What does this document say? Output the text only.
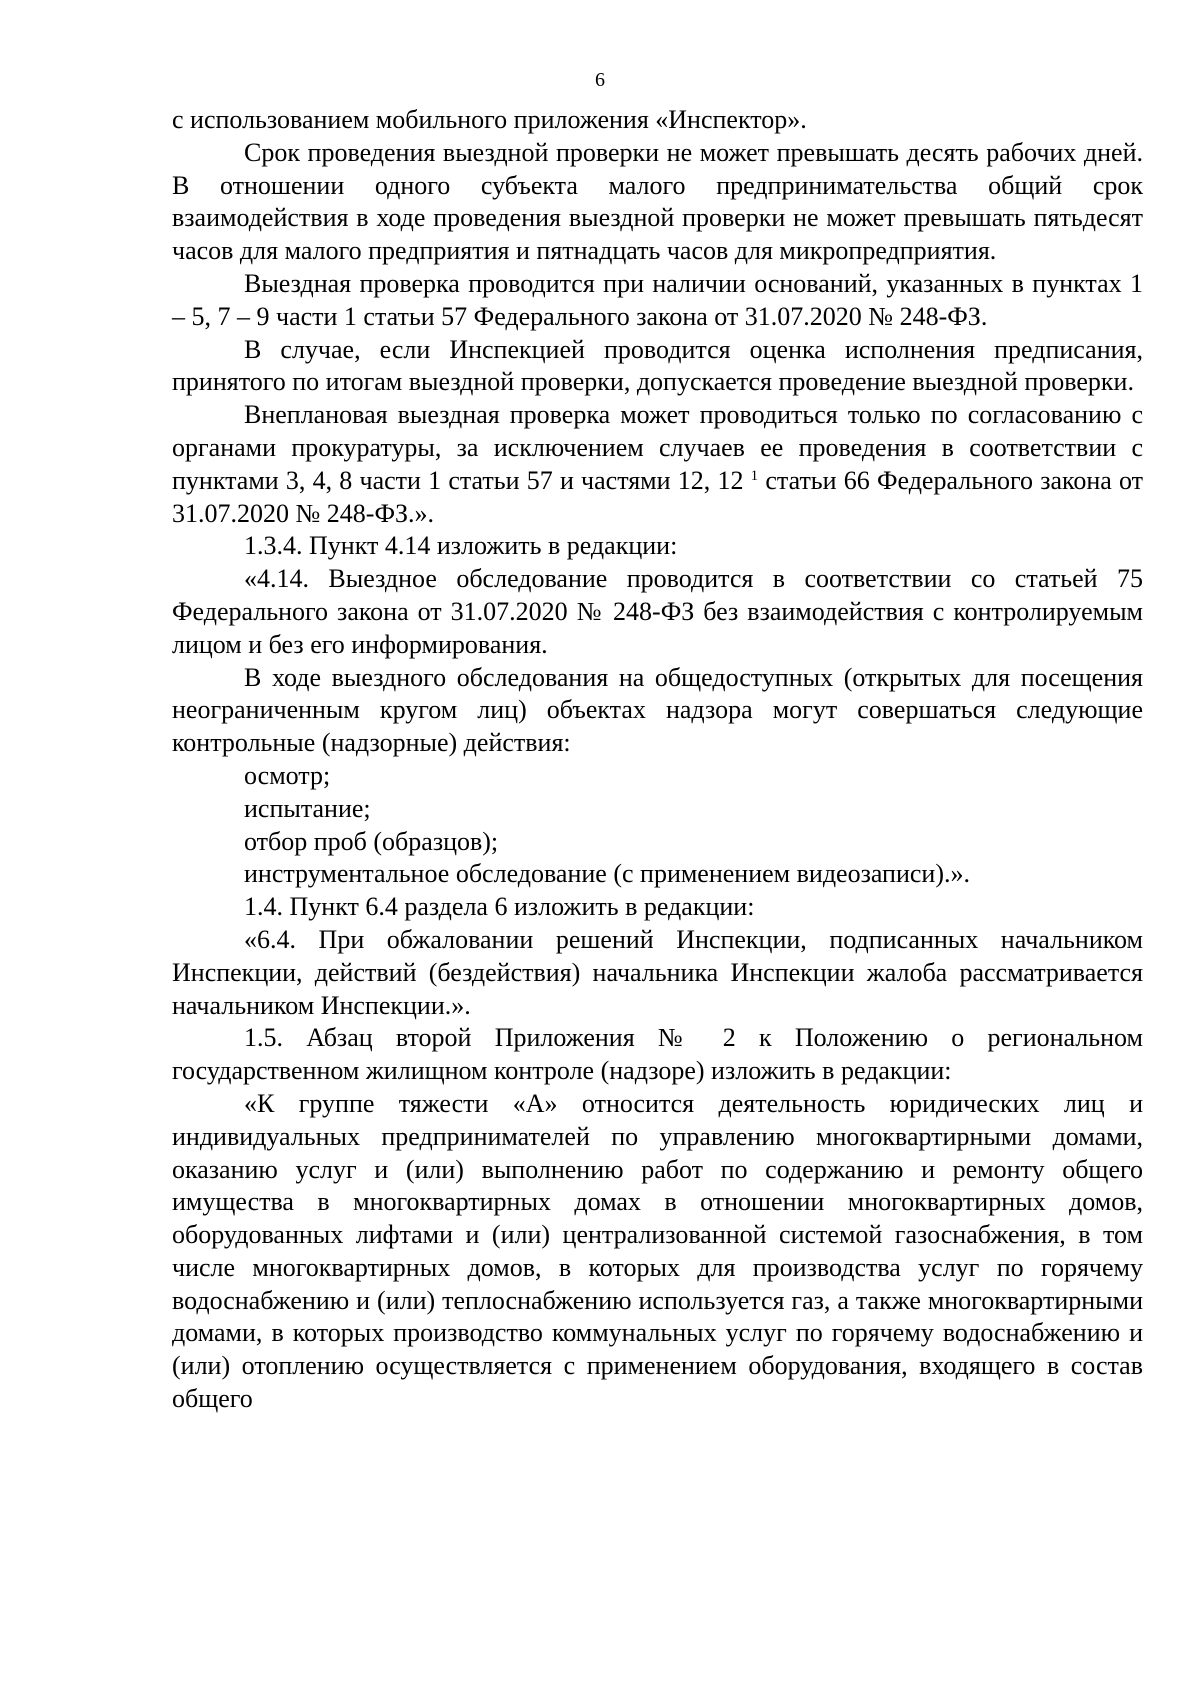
6

с использованием мобильного приложения «Инспектор».

Срок проведения выездной проверки не может превышать десять рабочих дней. В отношении одного субъекта малого предпринимательства общий срок взаимодействия в ходе проведения выездной проверки не может превышать пятьдесят часов для малого предприятия и пятнадцать часов для микропредприятия.

Выездная проверка проводится при наличии оснований, указанных в пунктах 1 – 5, 7 – 9 части 1 статьи 57 Федерального закона от 31.07.2020 № 248-ФЗ.

В случае, если Инспекцией проводится оценка исполнения предписания, принятого по итогам выездной проверки, допускается проведение выездной проверки.

Внеплановая выездная проверка может проводиться только по согласованию с органами прокуратуры, за исключением случаев ее проведения в соответствии с пунктами 3, 4, 8 части 1 статьи 57 и частями 12, 12 $^1$ статьи 66 Федерального закона от 31.07.2020 № 248-ФЗ.».

1.3.4. Пункт 4.14 изложить в редакции:

«4.14. Выездное обследование проводится в соответствии со статьей 75 Федерального закона от 31.07.2020 № 248-ФЗ без взаимодействия с контролируемым лицом и без его информирования.

В ходе выездного обследования на общедоступных (открытых для посещения неограниченным кругом лиц) объектах надзора могут совершаться следующие контрольные (надзорные) действия:

осмотр;

испытание;

отбор проб (образцов);

инструментальное обследование (с применением видеозаписи).».

1.4. Пункт 6.4 раздела 6 изложить в редакции:

«6.4. При обжаловании решений Инспекции, подписанных начальником Инспекции, действий (бездействия) начальника Инспекции жалоба рассматривается начальником Инспекции.».

1.5. Абзац второй Приложения № 2 к Положению о региональном государственном жилищном контроле (надзоре) изложить в редакции:

«К группе тяжести «А» относится деятельность юридических лиц и индивидуальных предпринимателей по управлению многоквартирными домами, оказанию услуг и (или) выполнению работ по содержанию и ремонту общего имущества в многоквартирных домах в отношении многоквартирных домов, оборудованных лифтами и (или) централизованной системой газоснабжения, в том числе многоквартирных домов, в которых для производства услуг по горячему водоснабжению и (или) теплоснабжению используется газ, а также многоквартирными домами, в которых производство коммунальных услуг по горячему водоснабжению и (или) отоплению осуществляется с применением оборудования, входящего в состав общего
